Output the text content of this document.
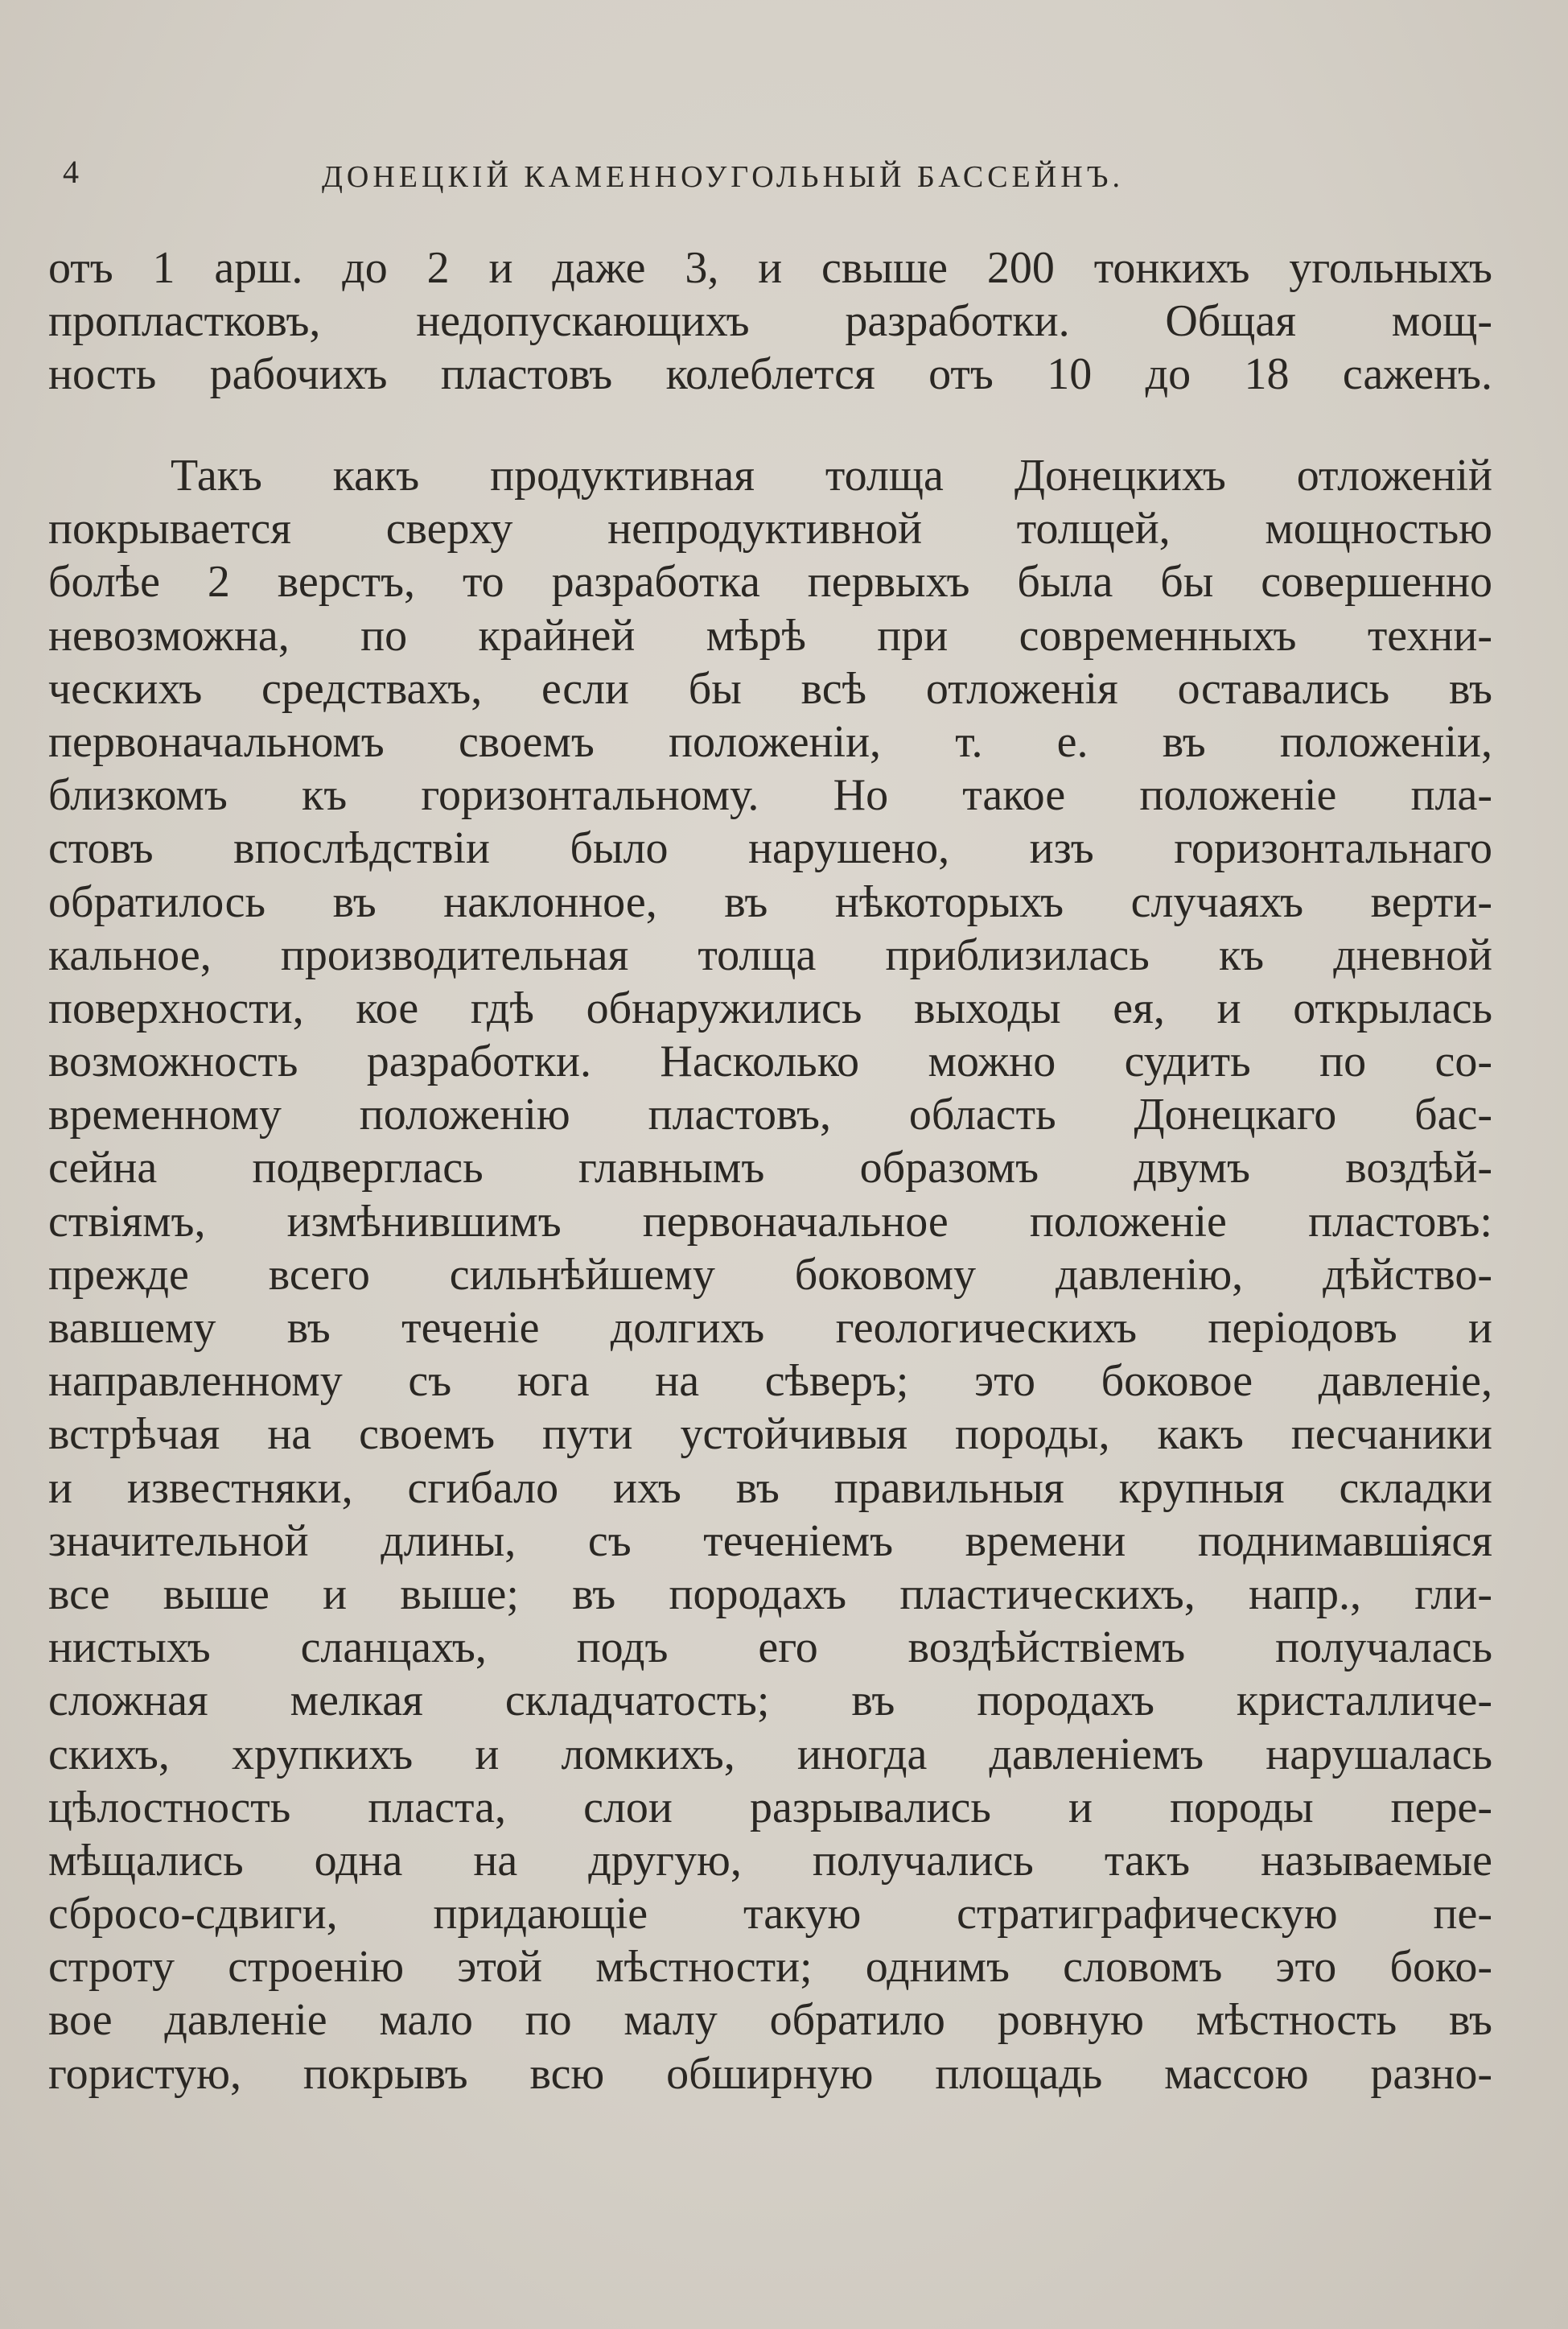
4	ДОНЕЦКІЙ КАМЕННОУГОЛЬНЫЙ БАССЕЙНЪ.
отъ 1 арш. до 2 и даже 3, и свыше 200 тонкихъ угольныхъ
пропластковъ, недопускающихъ разработки. Общая мощ-
ность рабочихъ пластовъ колеблется отъ 10 до 18 саженъ.
Такъ какъ продуктивная толща Донецкихъ отложеній
покрывается сверху непродуктивной толщей, мощностью
болѣе 2 верстъ, то разработка первыхъ была бы совершенно
невозможна, по крайней мѣрѣ при современныхъ техни-
ческихъ средствахъ, если бы всѣ отложенія оставались въ
первоначальномъ своемъ положеніи, т. е. въ положеніи,
близкомъ къ горизонтальному. Но такое положеніе пла-
стовъ впослѣдствіи было нарушено, изъ горизонтальнаго
обратилось въ наклонное, въ нѣкоторыхъ случаяхъ верти-
кальное, производительная толща приблизилась къ дневной
поверхности, кое гдѣ обнаружились выходы ея, и открылась
возможность разработки. Насколько можно судить по со-
временному положенію пластовъ, область Донецкаго бас-
сейна подверглась главнымъ образомъ двумъ воздѣй-
ствіямъ, измѣнившимъ первоначальное положеніе пластовъ:
прежде всего сильнѣйшему боковому давленію, дѣйство-
вавшему въ теченіе долгихъ геологическихъ періодовъ и
направленному съ юга на сѣверъ; это боковое давленіе,
встрѣчая на своемъ пути устойчивыя породы, какъ песчаники
и известняки, сгибало ихъ въ правильныя крупныя складки
значительной длины, съ теченіемъ времени поднимавшіяся
все выше и выше; въ породахъ пластическихъ, напр., гли-
нистыхъ сланцахъ, подъ его воздѣйствіемъ получалась
сложная мелкая складчатость; въ породахъ кристалличе-
скихъ, хрупкихъ и ломкихъ, иногда давленіемъ нарушалась
цѣлостность пласта, слои разрывались и породы пере-
мѣщались одна на другую, получались такъ называемые
сбросо-сдвиги, придающіе такую стратиграфическую пе-
строту строенію этой мѣстности; однимъ словомъ это боко-
вое давленіе мало по малу обратило ровную мѣстность въ
гористую, покрывъ всю обширную площадь массою разно-
